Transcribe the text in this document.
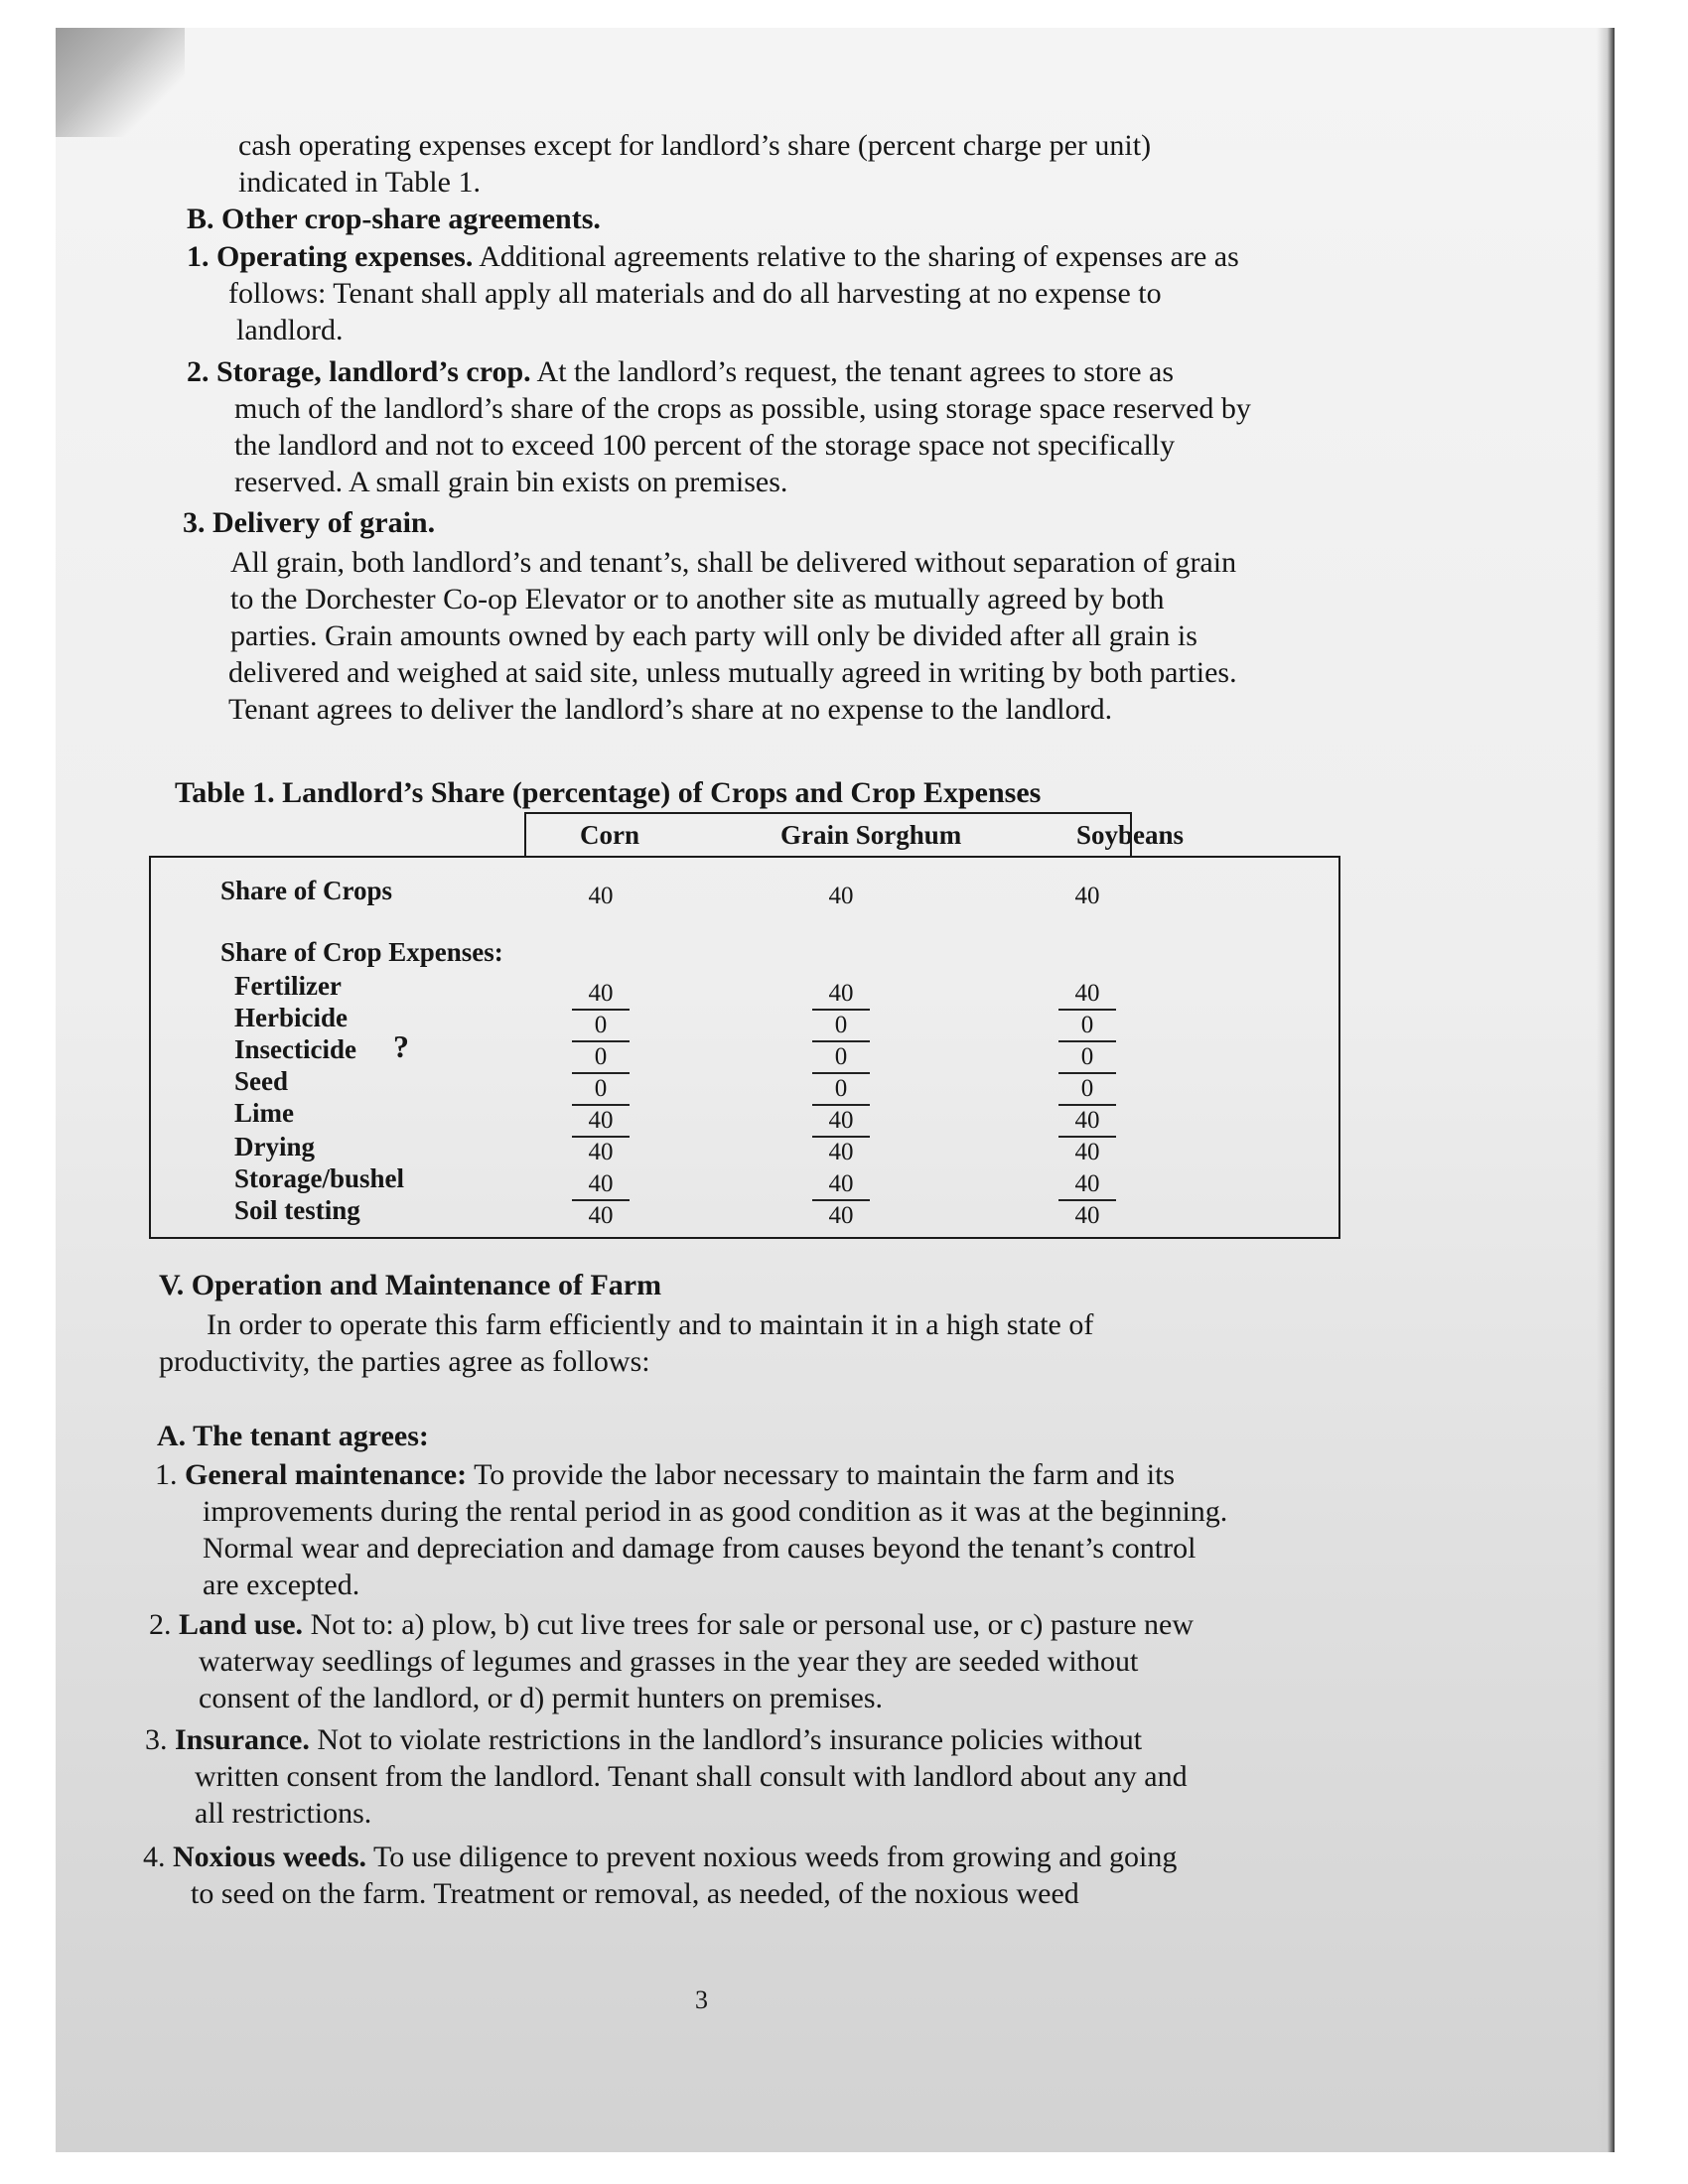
cash operating expenses except for landlord’s share (percent charge per unit)
indicated in Table 1.
B. Other crop-share agreements.
1. Operating expenses. Additional agreements relative to the sharing of expenses are as
follows: Tenant shall apply all materials and do all harvesting at no expense to
landlord.
2. Storage, landlord’s crop. At the landlord’s request, the tenant agrees to store as
much of the landlord’s share of the crops as possible, using storage space reserved by
the landlord and not to exceed 100 percent of the storage space not specifically
reserved. A small grain bin exists on premises.
3. Delivery of grain.
All grain, both landlord’s and tenant’s, shall be delivered without separation of grain
to the Dorchester Co-op Elevator or to another site as mutually agreed by both
parties. Grain amounts owned by each party will only be divided after all grain is
delivered and weighed at said site, unless mutually agreed in writing by both parties.
Tenant agrees to deliver the landlord’s share at no expense to the landlord.
Table 1. Landlord’s Share (percentage) of Crops and Crop Expenses
Corn	Grain Sorghum	Soybeans
Share of Crops	40	40	40
Share of Crop Expenses:
Fertilizer	40	40	40
Herbicide	0	0	0
Insecticide ?	0	0	0
Seed	0	0	0
Lime	40	40	40
Drying	40	40	40
Storage/bushel	40	40	40
Soil testing	40	40	40
V. Operation and Maintenance of Farm
In order to operate this farm efficiently and to maintain it in a high state of
productivity, the parties agree as follows:
A. The tenant agrees:
1. General maintenance: To provide the labor necessary to maintain the farm and its
improvements during the rental period in as good condition as it was at the beginning.
Normal wear and depreciation and damage from causes beyond the tenant’s control
are excepted.
2. Land use. Not to: a) plow, b) cut live trees for sale or personal use, or c) pasture new
waterway seedlings of legumes and grasses in the year they are seeded without
consent of the landlord, or d) permit hunters on premises.
3. Insurance. Not to violate restrictions in the landlord’s insurance policies without
written consent from the landlord. Tenant shall consult with landlord about any and
all restrictions.
4. Noxious weeds. To use diligence to prevent noxious weeds from growing and going
to seed on the farm. Treatment or removal, as needed, of the noxious weed
3
